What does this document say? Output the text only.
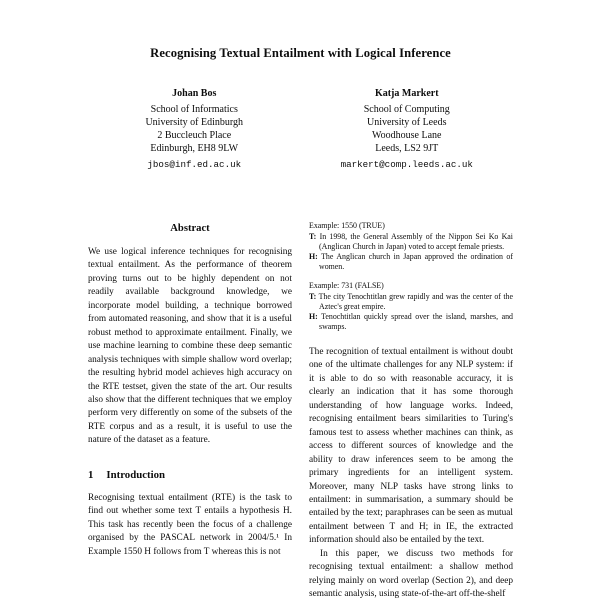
Recognising Textual Entailment with Logical Inference
Johan Bos
School of Informatics
University of Edinburgh
2 Buccleuch Place
Edinburgh, EH8 9LW
jbos@inf.ed.ac.uk
Katja Markert
School of Computing
University of Leeds
Woodhouse Lane
Leeds, LS2 9JT
markert@comp.leeds.ac.uk
Abstract

We use logical inference techniques for recognising textual entailment. As the performance of theorem proving turns out to be highly dependent on not readily available background knowledge, we incorporate model building, a technique borrowed from automated reasoning, and show that it is a useful robust method to approximate entailment. Finally, we use machine learning to combine these deep semantic analysis techniques with simple shallow word overlap; the resulting hybrid model achieves high accuracy on the RTE testset, given the state of the art. Our results also show that the different techniques that we employ perform very differently on some of the subsets of the RTE corpus and as a result, it is useful to use the nature of the dataset as a feature.

1 Introduction

Recognising textual entailment (RTE) is the task to find out whether some text T entails a hypothesis H. This task has recently been the focus of a challenge organised by the PASCAL network in 2004/5.¹ In Example 1550 H follows from T whereas this is not

Example: 1550 (TRUE)
T: In 1998, the General Assembly of the Nippon Sei Ko Kai (Anglican Church in Japan) voted to accept female priests.
H: The Anglican church in Japan approved the ordination of women.
Example: 731 (FALSE)
T: The city Tenochtitlan grew rapidly and was the center of the Aztec's great empire.
H: Tenochtitlan quickly spread over the island, marshes, and swamps.

The recognition of textual entailment is without doubt one of the ultimate challenges for any NLP system: if it is able to do so with reasonable accuracy, it is clearly an indication that it has some thorough understanding of how language works. Indeed, recognising entailment bears similarities to Turing's famous test to assess whether machines can think, as access to different sources of knowledge and the ability to draw inferences seem to be among the primary ingredients for an intelligent system. Moreover, many NLP tasks have strong links to entailment: in summarisation, a summary should be entailed by the text; paraphrases can be seen as mutual entailment between T and H; in IE, the extracted information should also be entailed by the text.

In this paper, we discuss two methods for recognising textual entailment: a shallow method relying mainly on word overlap (Section 2), and deep semantic analysis, using state-of-the-art off-the-shelf
